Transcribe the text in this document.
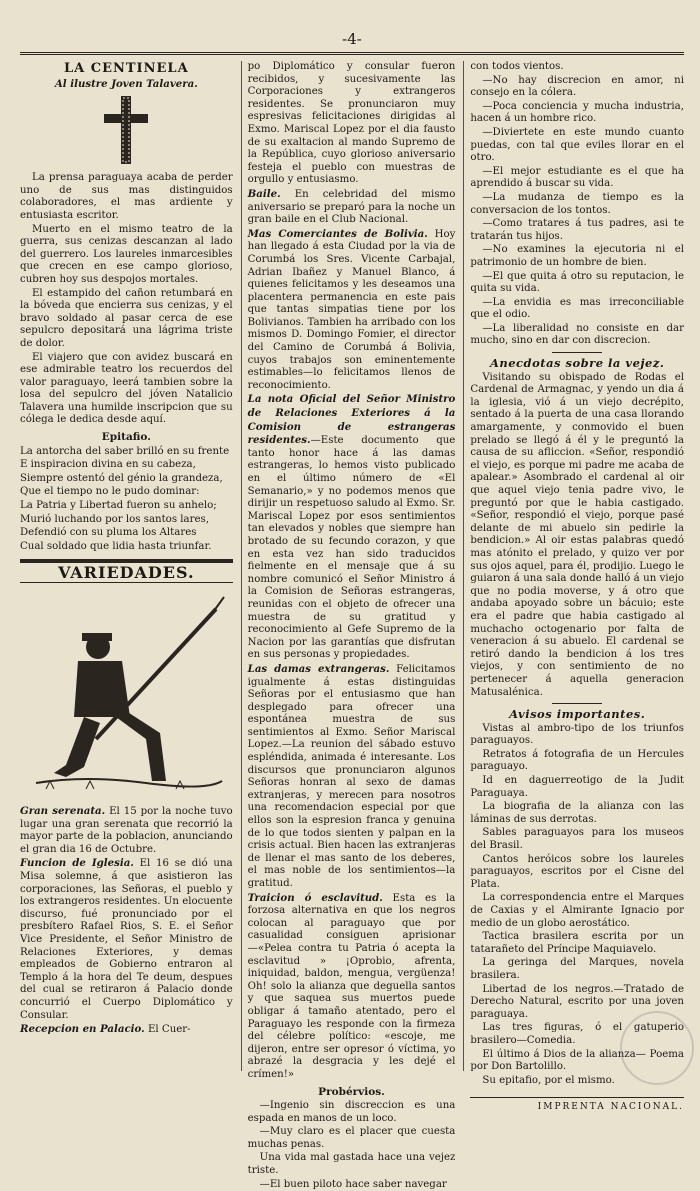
-4-
LA CENTINELA
Al ilustre Joven Talavera.

La prensa paraguaya acaba de perder uno de sus mas distinguidos colaboradores, el mas ardiente y entusiasta escritor.

Muerto en el mismo teatro de la guerra, sus cenizas descanzan al lado del guerrero. Los laureles inmarcesibles que crecen en ese campo glorioso, cubren hoy sus despojos mortales.

El estampido del cañon retumbará en la bóveda que encierra sus cenizas, y el bravo soldado al pasar cerca de ese sepulcro depositará una lágrima triste de dolor.

El viajero que con avidez buscará en ese admirable teatro los recuerdos del valor paraguayo, leerá tambien sobre la losa del sepulcro del jóven Natalicio Talavera una humilde inscripcion que su cólega le dedica desde aquí.

Epitafio.

La antorcha del saber brilló en su frente

E inspiracion divina en su cabeza,

Siempre ostentó del génio la grandeza,

Que el tiempo no le pudo dominar:

La Patria y Libertad fueron su anhelo;

Murió luchando por los santos lares,

Defendió con su pluma los Altares

Cual soldado que lidia hasta triunfar.

VARIEDADES.

Gran serenata. El 15 por la noche tuvo lugar una gran serenata que recorrió la mayor parte de la poblacion, anunciando el gran dia 16 de Octubre.

Funcion de Iglesia. El 16 se dió una Misa solemne, á que asistieron las corporaciones, las Señoras, el pueblo y los extrangeros residentes. Un elocuente discurso, fué pronunciado por el presbítero Rafael Rios, S. E. el Señor Vice Presidente, el Señor Ministro de Relaciones Exteriores, y demas empleados de Gobierno entraron al Templo á la hora del Te deum, despues del cual se retiraron á Palacio donde concurrió el Cuerpo Diplomático y Consular.

Recepcion en Palacio. El Cuer-

po Diplomático y consular fueron recibidos, y sucesivamente las Corporaciones y extrangeros residentes. Se pronunciaron muy espresivas felicitaciones dirigidas al Exmo. Mariscal Lopez por el dia fausto de su exaltacion al mando Supremo de la República, cuyo glorioso aniversario festeja el pueblo con muestras de orgullo y entusiasmo.

Baile. En celebridad del mismo aniversario se preparó para la noche un gran baile en el Club Nacional.

Mas Comerciantes de Bolivia. Hoy han llegado á esta Ciudad por la via de Corumbá los Sres. Vicente Carbajal, Adrian Ibañez y Manuel Blanco, á quienes felicitamos y les deseamos una placentera permanencia en este pais que tantas simpatias tiene por los Bolivianos. Tambien ha arribado con los mismos D. Domingo Fomier, el director del Camino de Corumbá á Bolivia, cuyos trabajos son eminentemente estimables—lo felicitamos llenos de reconocimiento.

La nota Oficial del Señor Ministro de Relaciones Exteriores á la Comision de estrangeras residentes.—Este documento que tanto honor hace á las damas estrangeras, lo hemos visto publicado en el último número de «El Semanario,» y no podemos menos que dirijir un respetuoso saludo al Exmo. Sr. Mariscal Lopez por esos sentimientos tan elevados y nobles que siempre han brotado de su fecundo corazon, y que en esta vez han sido traducidos fielmente en el mensaje que á su nombre comunicó el Señor Ministro á la Comision de Señoras estrangeras, reunidas con el objeto de ofrecer una muestra de su gratitud y reconocimiento al Gefe Supremo de la Nacion por las garantías que disfrutan en sus personas y propiedades.

Las damas extrangeras. Felicitamos igualmente á estas distinguidas Señoras por el entusiasmo que han desplegado para ofrecer una espontánea muestra de sus sentimientos al Exmo. Señor Mariscal Lopez.—La reunion del sábado estuvo espléndida, animada é interesante. Los discursos que pronunciaron algunos Señoras honran al sexo de damas extranjeras, y merecen para nosotros una recomendacion especial por que ellos son la espresion franca y genuina de lo que todos sienten y palpan en la crisis actual. Bien hacen las extranjeras de llenar el mas santo de los deberes, el mas noble de los sentimientos—la gratitud.

Traicion ó esclavitud. Esta es la forzosa alternativa en que los negros colocan al paraguayo que por casualidad consiguen aprisionar—«Pelea contra tu Patria ó acepta la esclavitud » ¡Oprobio, afrenta, iniquidad, baldon, mengua, vergüenza! Oh! solo la alianza que deguella santos y que saquea sus muertos puede obligar á tamaño atentado, pero el Paraguayo les responde con la firmeza del célebre político: «escoje, me dijeron, entre ser opresor ó víctima, yo abrazé la desgracia y les dejé el crímen!»

Probérvios.

—Ingenio sin discreccion es una espada en manos de un loco.

—Muy claro es el placer que cuesta muchas penas.

Una vida mal gastada hace una vejez triste.

—El buen piloto hace saber navegar

con todos vientos.

—No hay discrecion en amor, ni consejo en la cólera.

—Poca conciencia y mucha industria, hacen á un hombre rico.

—Diviertete en este mundo cuanto puedas, con tal que eviles llorar en el otro.

—El mejor estudiante es el que ha aprendido á buscar su vida.

—La mudanza de tiempo es la conversacion de los tontos.

—Como tratares á tus padres, asi te tratarán tus hijos.

—No examines la ejecutoria ni el patrimonio de un hombre de bien.

—El que quita á otro su reputacion, le quita su vida.

—La envidia es mas irreconciliable que el odio.

—La liberalidad no consiste en dar mucho, sino en dar con discrecion.

Anecdotas sobre la vejez.

Visitando su obispado de Rodas el Cardenal de Armagnac, y yendo un dia á la iglesia, vió á un viejo decrépito, sentado á la puerta de una casa llorando amargamente, y conmovido el buen prelado se llegó á él y le preguntó la causa de su afliccion. «Señor, respondió el viejo, es porque mi padre me acaba de apalear.» Asombrado el cardenal al oir que aquel viejo tenia padre vivo, le preguntó por que le habia castigado. «Señor, respondió el viejo, porque pasé delante de mi abuelo sin pedirle la bendicion.» Al oir estas palabras quedó mas atónito el prelado, y quizo ver por sus ojos aquel, para él, prodijio. Luego le guiaron á una sala donde halló á un viejo que no podia moverse, y á otro que andaba apoyado sobre un bácuio; este era el padre que habia castigado al muchacho octogenario por falta de veneracion á su abuelo. El cardenal se retiró dando la bendicion á los tres viejos, y con sentimiento de no pertenecer á aquella generacion Matusalénica.

Avisos importantes.

Vistas al ambro-tipo de los triunfos paraguayos.

Retratos á fotografia de un Hercules paraguayo.

Id en daguerreotigo de la Judit Paraguaya.

La biografia de la alianza con las láminas de sus derrotas.

Sables paraguayos para los museos del Brasil.

Cantos heróicos sobre los laureles paraguayos, escritos por el Cisne del Plata.

La correspondencia entre el Marques de Caxias y el Almirante Ignacio por medio de un globo aerostático.

Tactica brasilera escrita por un tatarañeto del Príncipe Maquiavelo.

La geringa del Marques, novela brasilera.

Libertad de los negros.—Tratado de Derecho Natural, escrito por una joven paraguaya.

Las tres figuras, ó el gatuperio brasilero—Comedia.

El último á Dios de la alianza— Poema por Don Bartolillo.

Su epitafio, por el mismo.

IMPRENTA NACIONAL.
